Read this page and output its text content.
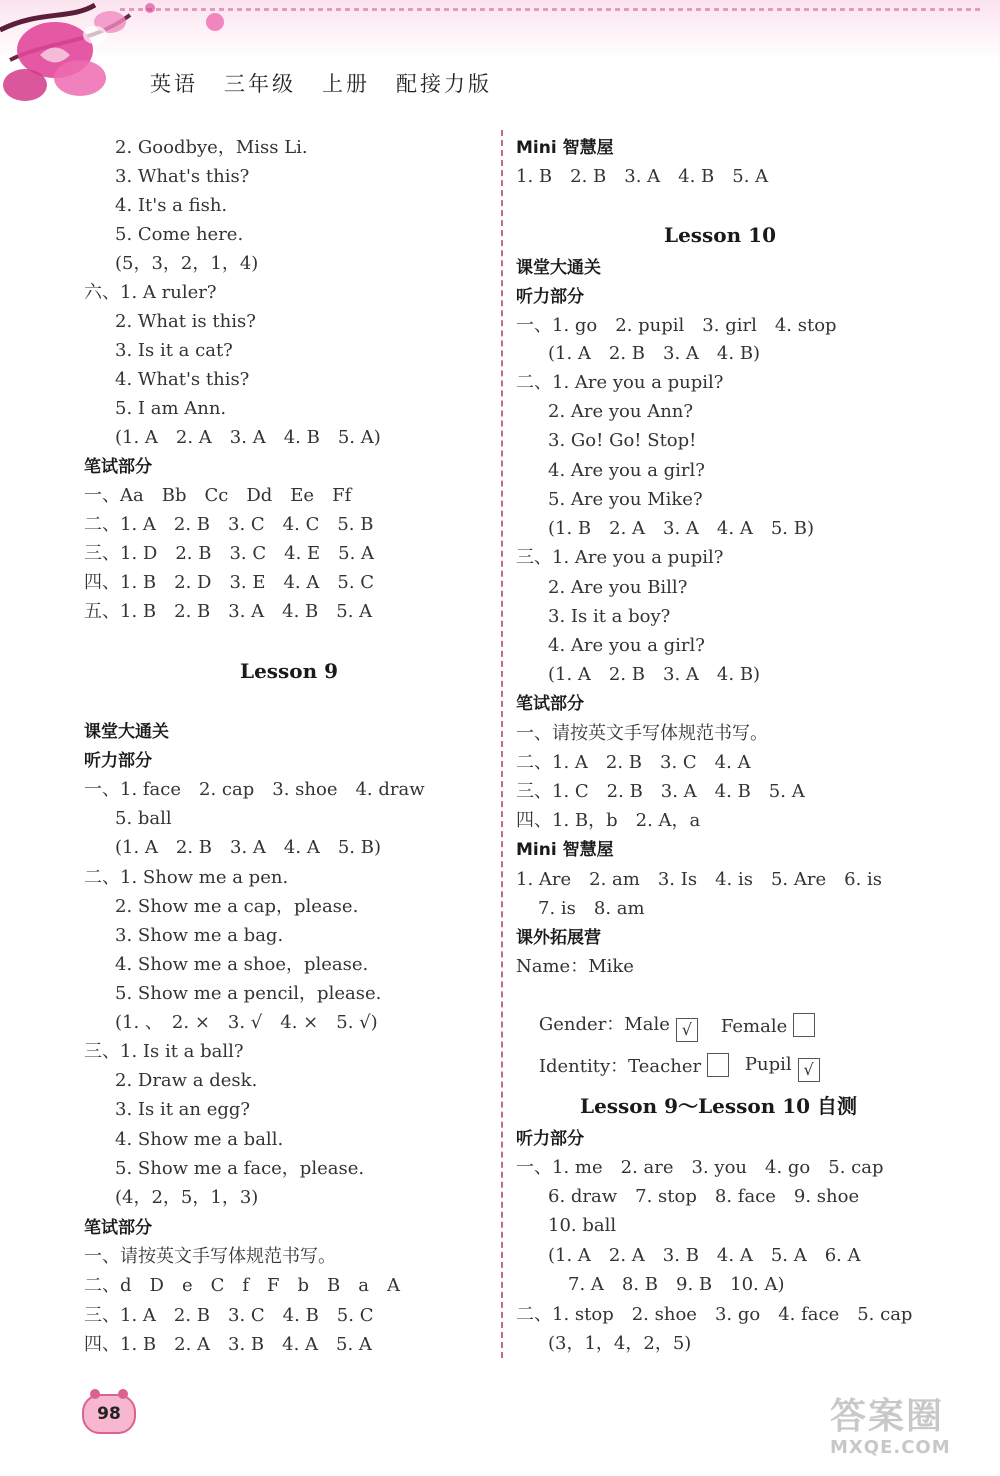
英语 三年级 上册 配接力版
2. Goodbye，Miss Li.
3. What's this?
4. It's a fish.
5. Come here.
(5，3，2，1，4)
六、1. A ruler?
2. What is this?
3. Is it a cat?
4. What's this?
5. I am Ann.
(1. A　2. A　3. A　4. B　5. A)
笔试部分
一、Aa　Bb　Cc　Dd　Ee　Ff
二、1. A　2. B　3. C　4. C　5. B
三、1. D　2. B　3. C　4. E　5. A
四、1. B　2. D　3. E　4. A　5. C
五、1. B　2. B　3. A　4. B　5. A
Lesson 9
课堂大通关
听力部分
一、1. face　2. cap　3. shoe　4. draw
5. ball
(1. A　2. B　3. A　4. A　5. B)
二、1. Show me a pen.
2. Show me a cap，please.
3. Show me a bag.
4. Show me a shoe，please.
5. Show me a pencil，please.
(1. 、　2. ×　3. √　4. ×　5. √)
三、1. Is it a ball?
2. Draw a desk.
3. Is it an egg?
4. Show me a ball.
5. Show me a face，please.
(4，2，5，1，3)
笔试部分
一、请按英文手写体规范书写。
二、d　D　e　C　f　F　b　B　a　A
三、1. A　2. B　3. C　4. B　5. C
四、1. B　2. A　3. B　4. A　5. A
Mini 智慧屋
1. B　2. B　3. A　4. B　5. A
Lesson 10
课堂大通关
听力部分
一、1. go　2. pupil　3. girl　4. stop
(1. A　2. B　3. A　4. B)
二、1. Are you a pupil?
2. Are you Ann?
3. Go! Go! Stop!
4. Are you a girl?
5. Are you Mike?
(1. B　2. A　3. A　4. A　5. B)
三、1. Are you a pupil?
2. Are you Bill?
3. Is it a boy?
4. Are you a girl?
(1. A　2. B　3. A　4. B)
笔试部分
一、请按英文手写体规范书写。
二、1. A　2. B　3. C　4. A
三、1. C　2. B　3. A　4. B　5. A
四、1. B，b　2. A，a
Mini 智慧屋
1. Are　2. am　3. Is　4. is　5. Are　6. is
7. is　8. am
课外拓展营
Name：Mike

Gender：Male √
	Female

Identity：Teacher
	Pupil √

Lesson 9～Lesson 10 自测
听力部分
一、1. me　2. are　3. you　4. go　5. cap
6. draw　7. stop　8. face　9. shoe
10. ball
(1. A　2. A　3. B　4. A　5. A　6. A
7. A　8. B　9. B　10. A)
二、1. stop　2. shoe　3. go　4. face　5. cap
(3，1，4，2，5)
98	答案圈
MXQE.COM
